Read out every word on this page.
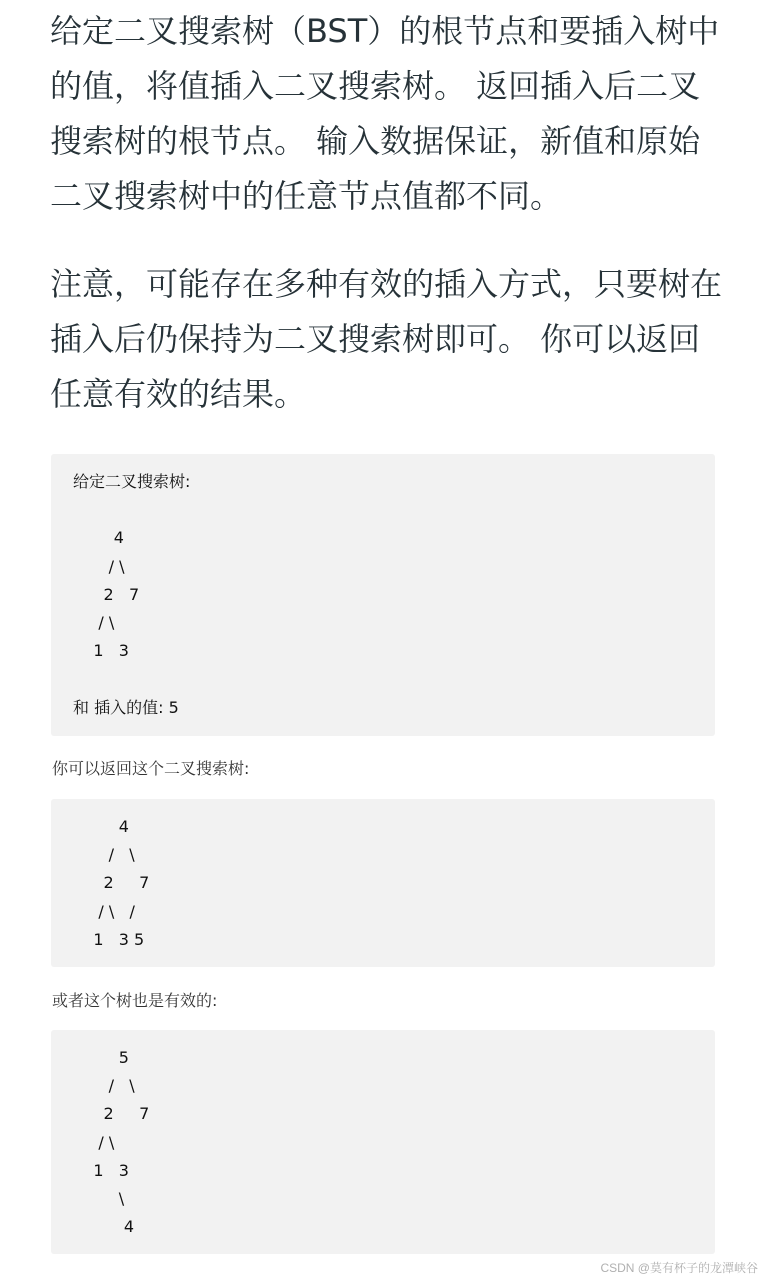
给定二叉搜索树（BST）的根节点和要插入树中的值，将值插入二叉搜索树。 返回插入后二叉搜索树的根节点。 输入数据保证，新值和原始二叉搜索树中的任意节点值都不同。

注意，可能存在多种有效的插入方式，只要树在插入后仍保持为二叉搜索树即可。 你可以返回任意有效的结果。

给定二叉搜索树:

4
/ \
2   7
/ \
1   3

和 插入的值: 5

你可以返回这个二叉搜索树:

4
/   \
2     7
/ \   /
1   3 5

或者这个树也是有效的:

5
/   \
2     7
/ \
1   3
\
4
CSDN @莫有杯子的龙潭峡谷
